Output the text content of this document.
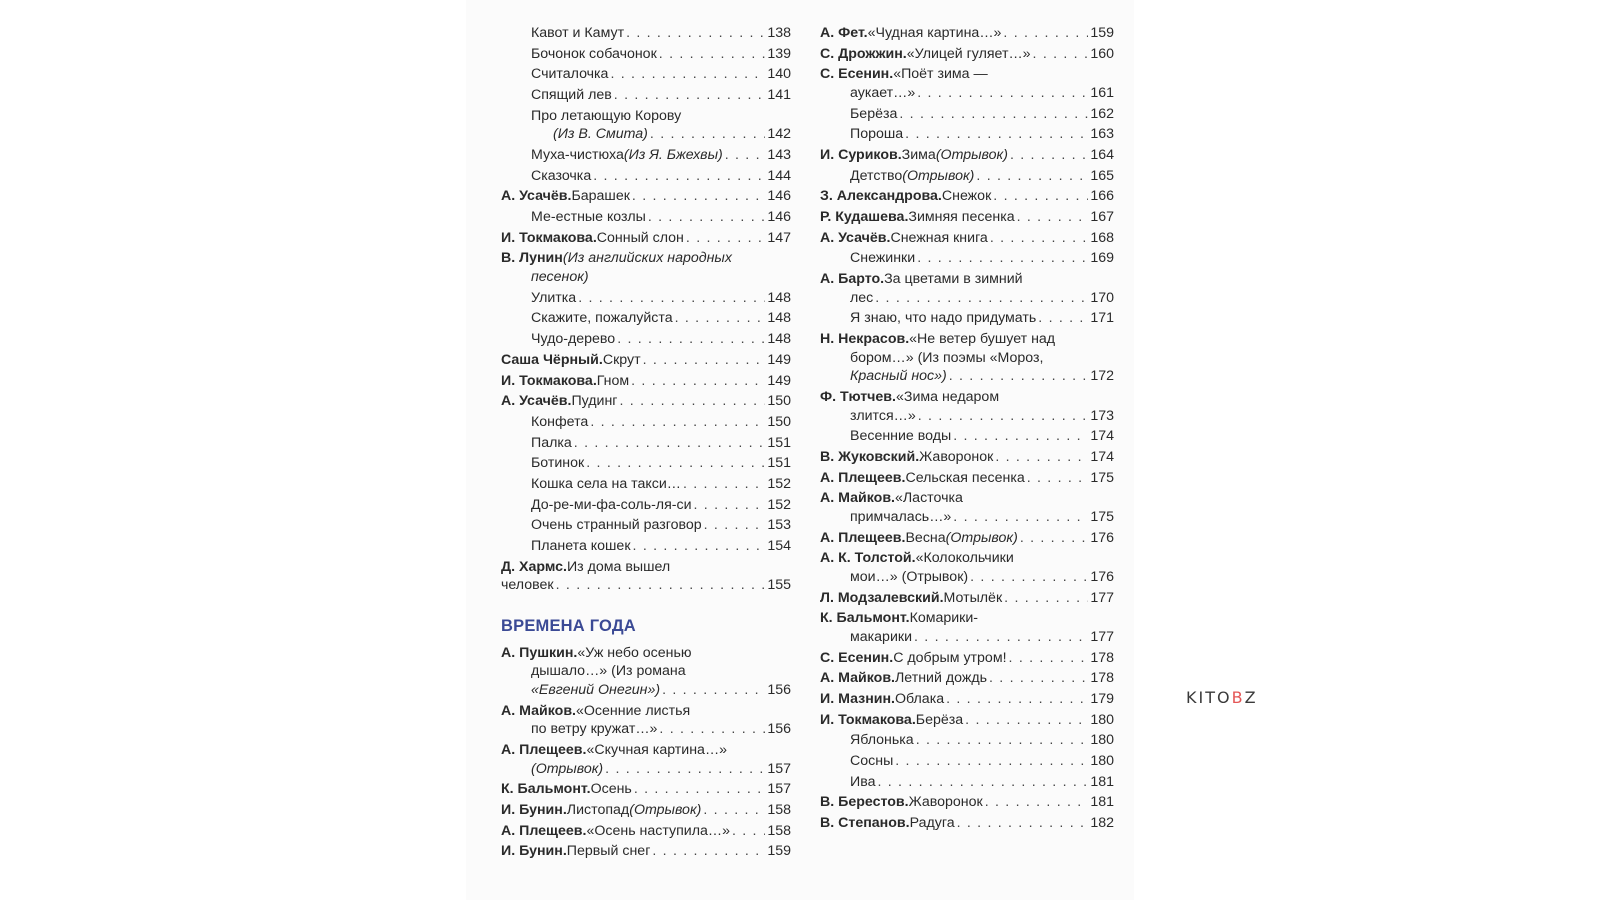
Кавот и Камут . . .	138
Бочонок собачонок . . .	139
Считалочка . . .	140
Спящий лев . . .	141
Про летающую Корову
(Из В. Смита) . . .	142
Муха-чистюха (Из Я. Бжехвы) . . .	143
Сказочка . . .	144
А. Усачёв. Барашек . . .	146
Ме-естные козлы . . .	146
И. Токмакова. Сонный слон . . .	147
В. Лунин (Из английских народных
песенок)
Улитка . . .	148
Скажите, пожалуйста . . .	148
Чудо-дерево . . .	148
Саша Чёрный. Скрут . . .	149
И. Токмакова. Гном . . .	149
А. Усачёв. Пудинг . . .	150
Конфета . . .	150
Палка . . .	151
Ботинок . . .	151
Кошка села на такси… . . .	152
До-ре-ми-фа-соль-ля-си . . .	152
Очень странный разговор . . .	153
Планета кошек . . .	154
Д. Хармс. Из дома вышел
человек . . .	155
ВРЕМЕНА ГОДА
А. Пушкин. «Уж небо осенью
дышало…» (Из романа
«Евгений Онегин») . . .	156
А. Майков. «Осенние листья
по ветру кружат…» . . .	156
А. Плещеев. «Скучная картина…»
(Отрывок) . . .	157
К. Бальмонт. Осень . . .	157
И. Бунин. Листопад (Отрывок) . . .	158
А. Плещеев. «Осень наступила…» . . .	158
И. Бунин. Первый снег . . .	159
А. Фет. «Чудная картина…» . . .	159
С. Дрожжин. «Улицей гуляет…» . . .	160
С. Есенин. «Поёт зима —
аукает…» . . .	161
Берёза . . .	162
Пороша . . .	163
И. Суриков. Зима (Отрывок) . . .	164
Детство (Отрывок) . . .	165
З. Александрова. Снежок . . .	166
Р. Кудашева. Зимняя песенка . . .	167
А. Усачёв. Снежная книга . . .	168
Снежинки . . .	169
А. Барто. За цветами в зимний
лес . . .	170
Я знаю, что надо придумать . . .	171
Н. Некрасов. «Не ветер бушует над
бором…» (Из поэмы «Мороз,
Красный нос») . . .	172
Ф. Тютчев. «Зима недаром
злится…» . . .	173
Весенние воды . . .	174
В. Жуковский. Жаворонок . . .	174
А. Плещеев. Сельская песенка . . .	175
А. Майков. «Ласточка
примчалась…» . . .	175
А. Плещеев. Весна (Отрывок) . . .	176
А. К. Толстой. «Колокольчики
мои…» (Отрывок) . . .	176
Л. Модзалевский. Мотылёк . . .	177
К. Бальмонт. Комарики-
макарики . . .	177
С. Есенин. С добрым утром! . . .	178
А. Майков. Летний дождь . . .	178
И. Мазнин. Облака . . .	179
И. Токмакова. Берёза . . .	180
Яблонька . . .	180
Сосны . . .	180
Ива . . .	181
В. Берестов. Жаворонок . . .	181
В. Степанов. Радуга . . .	182
KITOBZ
